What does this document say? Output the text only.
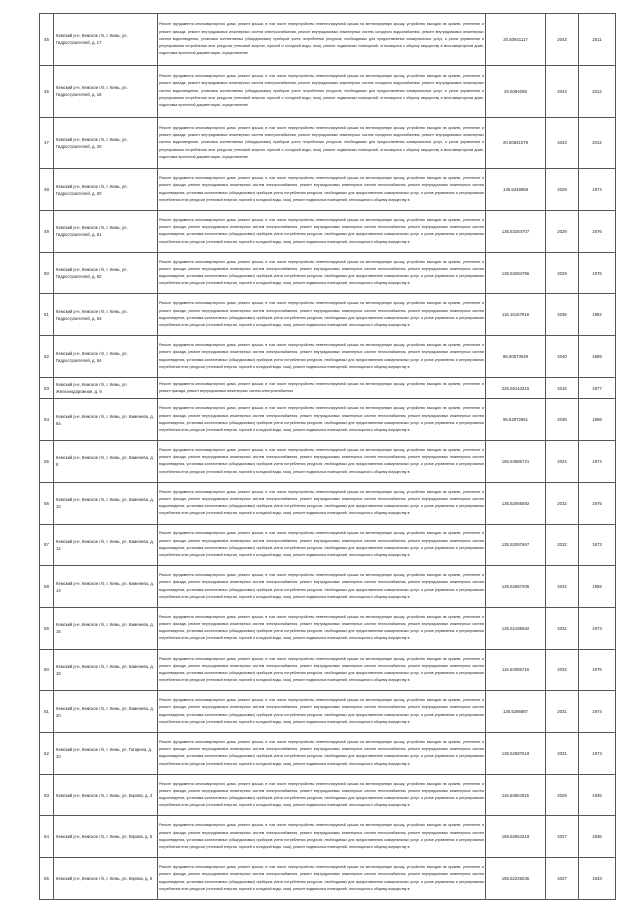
45	Кемский р-н, Кемское г/п, г. Кемь, ул. Гидростроителей, д. 17	Ремонт фундамента многоквартирного дома, ремонт крыши, в том числе переустройство невентилируемой крыши на вентилируемую крышу, устройство выходов на кровлю, утепление и ремонт фасада, ремонт внутридомовых инженерных систем электроснабжения, ремонт внутридомовых инженерных систем холодного водоснабжения, ремонт внутридомовых инженерных систем водоотведения, установка коллективных (общедомовых) приборов учета потребления ресурсов, необходимых для предоставления коммунальных услуг, и узлов управления и регулирования потребления этих ресурсов (тепловой энергии, горячей и холодной воды, газа), ремонт подвальных помещений, относящихся к общему имуществу в многоквартирном доме, подготовка проектной документации, осуществление	20.50841117	2043	2011
46	Кемский р-н, Кемское г/п, г. Кемь, ул. Гидростроителей, д. 18	Ремонт фундамента многоквартирного дома, ремонт крыши, в том числе переустройство невентилируемой крыши на вентилируемую крышу, устройство выходов на кровлю, утепление и ремонт фасада, ремонт внутридомовых инженерных систем электроснабжения, ремонт внутридомовых инженерных систем холодного водоснабжения, ремонт внутридомовых инженерных систем водоотведения, установка коллективных (общедомовых) приборов учета потребления ресурсов, необходимых для предоставления коммунальных услуг, и узлов управления и регулирования потребления этих ресурсов (тепловой энергии, горячей и холодной воды, газа), ремонт подвальных помещений, относящихся к общему имуществу в многоквартирном доме, подготовка проектной документации, осуществление	20.5084088	2043	2012
47	Кемский р-н, Кемское г/п, г. Кемь, ул. Гидростроителей, д. 20	Ремонт фундамента многоквартирного дома, ремонт крыши, в том числе переустройство невентилируемой крыши на вентилируемую крышу, устройство выходов на кровлю, утепление и ремонт фасада, ремонт внутридомовых инженерных систем электроснабжения, ремонт внутридомовых инженерных систем холодного водоснабжения, ремонт внутридомовых инженерных систем водоотведения, установка коллективных (общедомовых) приборов учета потребления ресурсов, необходимых для предоставления коммунальных услуг, и узлов управления и регулирования потребления этих ресурсов (тепловой энергии, горячей и холодной воды, газа), ремонт подвальных помещений, относящихся к общему имуществу в многоквартирном доме, подготовка проектной документации, осуществление	20.50841079	2043	2012
48	Кемский р-н, Кемское г/п, г. Кемь, ул. Гидростроителей, д. 60	Ремонт фундамента многоквартирного дома, ремонт крыши, в том числе переустройство невентилируемой крыши на вентилируемую крышу, устройство выходов на кровлю, утепление и ремонт фасада, ремонт внутридомовых инженерных систем электроснабжения, ремонт внутридомовых инженерных систем теплоснабжения, ремонт внутридомовых инженерных систем водоотведения, установка коллективных (общедомовых) приборов учета потребления ресурсов, необходимых для предоставления коммунальных услуг, и узлов управления и регулирования потребления этих ресурсов (тепловой энергии, горячей и холодной воды, газа), ремонт подвальных помещений, относящихся к общему имуществу в	135.5349958	2029	1974
49	Кемский р-н, Кемское г/п, г. Кемь, ул. Гидростроителей, д. 61	Ремонт фундамента многоквартирного дома, ремонт крыши, в том числе переустройство невентилируемой крыши на вентилируемую крышу, устройство выходов на кровлю, утепление и ремонт фасада, ремонт внутридомовых инженерных систем электроснабжения, ремонт внутридомовых инженерных систем теплоснабжения, ремонт внутридомовых инженерных систем водоотведения, установка коллективных (общедомовых) приборов учета потребления ресурсов, необходимых для предоставления коммунальных услуг, и узлов управления и регулирования потребления этих ресурсов (тепловой энергии, горячей и холодной воды, газа), ремонт подвальных помещений, относящихся к общему имуществу в	135.53284707	2029	1976
50	Кемский р-н, Кемское г/п, г. Кемь, ул. Гидростроителей, д. 62	Ремонт фундамента многоквартирного дома, ремонт крыши, в том числе переустройство невентилируемой крыши на вентилируемую крышу, устройство выходов на кровлю, утепление и ремонт фасада, ремонт внутридомовых инженерных систем электроснабжения, ремонт внутридомовых инженерных систем теплоснабжения, ремонт внутридомовых инженерных систем водоотведения, установка коллективных (общедомовых) приборов учета потребления ресурсов, необходимых для предоставления коммунальных услуг, и узлов управления и регулирования потребления этих ресурсов (тепловой энергии, горячей и холодной воды, газа), ремонт подвальных помещений, относящихся к общему имуществу в	135.53284796	2029	1976
51	Кемский р-н, Кемское г/п, г. Кемь, ул. Гидростроителей, д. 63	Ремонт фундамента многоквартирного дома, ремонт крыши, в том числе переустройство невентилируемой крыши на вентилируемую крышу, устройство выходов на кровлю, утепление и ремонт фасада, ремонт внутридомовых инженерных систем электроснабжения, ремонт внутридомовых инженерных систем теплоснабжения, ремонт внутридомовых инженерных систем водоотведения, установка коллективных (общедомовых) приборов учета потребления ресурсов, необходимых для предоставления коммунальных услуг, и узлов управления и регулирования потребления этих ресурсов (тепловой энергии, горячей и холодной воды, газа), ремонт подвальных помещений, относящихся к общему имуществу в	115.16167918	2035	1982
52	Кемский р-н, Кемское г/п, г. Кемь, ул. Гидростроителей, д. 64	Ремонт фундамента многоквартирного дома, ремонт крыши, в том числе переустройство невентилируемой крыши на вентилируемую крышу, устройство выходов на кровлю, утепление и ремонт фасада, ремонт внутридомовых инженерных систем электроснабжения, ремонт внутридомовых инженерных систем теплоснабжения, ремонт внутридомовых инженерных систем водоотведения, установка коллективных (общедомовых) приборов учета потребления ресурсов, необходимых для предоставления коммунальных услуг, и узлов управления и регулирования потребления этих ресурсов (тепловой энергии, горячей и холодной воды, газа), ремонт подвальных помещений, относящихся к общему имуществу в	86.60573549	2040	1989
53	Кемский р-н, Кемское г/п, г. Кемь, ул. Железнодорожная, д. 9	Ремонт фундамента многоквартирного дома, ремонт крыши, в том числе переустройство невентилируемой крыши на вентилируемую крышу, устройство выходов на кровлю, утепление и ремонт фасада, ремонт внутридомовых инженерных систем электроснабжения	225.56143315	2016	1977
54	Кемский р-н, Кемское г/п, г. Кемь, ул. Каменева, д. 6а	Ремонт фундамента многоквартирного дома, ремонт крыши, в том числе переустройство невентилируемой крыши на вентилируемую крышу, устройство выходов на кровлю, утепление и ремонт фасада, ремонт внутридомовых инженерных систем электроснабжения, ремонт внутридомовых инженерных систем теплоснабжения, ремонт внутридомовых инженерных систем водоотведения, установка коллективных (общедомовых) приборов учета потребления ресурсов, необходимых для предоставления коммунальных услуг, и узлов управления и регулирования потребления этих ресурсов (тепловой энергии, горячей и холодной воды, газа), ремонт подвальных помещений, относящихся к общему имуществу в	96.52972851	2038	1988
55	Кемский р-н, Кемское г/п, г. Кемь, ул. Каменева, д. 8	Ремонт фундамента многоквартирного дома, ремонт крыши, в том числе переустройство невентилируемой крыши на вентилируемую крышу, устройство выходов на кровлю, утепление и ремонт фасада, ремонт внутридомовых инженерных систем электроснабжения, ремонт внутридомовых инженерных систем теплоснабжения, ремонт внутридомовых инженерных систем водоотведения, установка коллективных (общедомовых) приборов учета потребления ресурсов, необходимых для предоставления коммунальных услуг, и узлов управления и регулирования потребления этих ресурсов (тепловой энергии, горячей и холодной воды, газа), ремонт подвальных помещений, относящихся к общему имуществу в	155.64586721	2024	1974
56	Кемский р-н, Кемское г/п, г. Кемь, ул. Каменева, д. 10	Ремонт фундамента многоквартирного дома, ремонт крыши, в том числе переустройство невентилируемой крыши на вентилируемую крышу, устройство выходов на кровлю, утепление и ремонт фасада, ремонт внутридомовых инженерных систем электроснабжения, ремонт внутридомовых инженерных систем теплоснабжения, ремонт внутридомовых инженерных систем водоотведения, установка коллективных (общедомовых) приборов учета потребления ресурсов, необходимых для предоставления коммунальных услуг, и узлов управления и регулирования потребления этих ресурсов (тепловой энергии, горячей и холодной воды, газа), ремонт подвальных помещений, относящихся к общему имуществу в	135.52065592	2032	1975
57	Кемский р-н, Кемское г/п, г. Кемь, ул. Каменева, д. 12	Ремонт фундамента многоквартирного дома, ремонт крыши, в том числе переустройство невентилируемой крыши на вентилируемую крышу, устройство выходов на кровлю, утепление и ремонт фасада, ремонт внутридомовых инженерных систем электроснабжения, ремонт внутридомовых инженерных систем теплоснабжения, ремонт внутридомовых инженерных систем водоотведения, установка коллективных (общедомовых) приборов учета потребления ресурсов, необходимых для предоставления коммунальных услуг, и узлов управления и регулирования потребления этих ресурсов (тепловой энергии, горячей и холодной воды, газа), ремонт подвальных помещений, относящихся к общему имуществу в	135.52087667	2032	1973
58	Кемский р-н, Кемское г/п, г. Кемь, ул. Каменева, д. 14	Ремонт фундамента многоквартирного дома, ремонт крыши, в том числе переустройство невентилируемой крыши на вентилируемую крышу, устройство выходов на кровлю, утепление и ремонт фасада, ремонт внутридомовых инженерных систем электроснабжения, ремонт внутридомовых инженерных систем теплоснабжения, ремонт внутридомовых инженерных систем водоотведения, установка коллективных (общедомовых) приборов учета потребления ресурсов, необходимых для предоставления коммунальных услуг, и узлов управления и регулирования потребления этих ресурсов (тепловой энергии, горячей и холодной воды, газа), ремонт подвальных помещений, относящихся к общему имуществу в	135.52687206	2032	1969
59	Кемский р-н, Кемское г/п, г. Кемь, ул. Каменева, д. 16	Ремонт фундамента многоквартирного дома, ремонт крыши, в том числе переустройство невентилируемой крыши на вентилируемую крышу, устройство выходов на кровлю, утепление и ремонт фасада, ремонт внутридомовых инженерных систем электроснабжения, ремонт внутридомовых инженерных систем теплоснабжения, ремонт внутридомовых инженерных систем водоотведения, установка коллективных (общедомовых) приборов учета потребления ресурсов, необходимых для предоставления коммунальных услуг, и узлов управления и регулирования потребления этих ресурсов (тепловой энергии, горячей и холодной воды, газа), ремонт подвальных помещений, относящихся к общему имуществу в	135.52195592	2031	1973
60	Кемский р-н, Кемское г/п, г. Кемь, ул. Каменева, д. 18	Ремонт фундамента многоквартирного дома, ремонт крыши, в том числе переустройство невентилируемой крыши на вентилируемую крышу, устройство выходов на кровлю, утепление и ремонт фасада, ремонт внутридомовых инженерных систем электроснабжения, ремонт внутридомовых инженерных систем теплоснабжения, ремонт внутридомовых инженерных систем водоотведения, установка коллективных (общедомовых) приборов учета потребления ресурсов, необходимых для предоставления коммунальных услуг, и узлов управления и регулирования потребления этих ресурсов (тепловой энергии, горячей и холодной воды, газа), ремонт подвальных помещений, относящихся к общему имуществу в	115.53085716	2033	1976
61	Кемский р-н, Кемское г/п, г. Кемь, ул. Каменева, д. 20	Ремонт фундамента многоквартирного дома, ремонт крыши, в том числе переустройство невентилируемой крыши на вентилируемую крышу, устройство выходов на кровлю, утепление и ремонт фасада, ремонт внутридомовых инженерных систем электроснабжения, ремонт внутридомовых инженерных систем теплоснабжения, ремонт внутридомовых инженерных систем водоотведения, установка коллективных (общедомовых) приборов учета потребления ресурсов, необходимых для предоставления коммунальных услуг, и узлов управления и регулирования потребления этих ресурсов (тепловой энергии, горячей и холодной воды, газа), ремонт подвальных помещений, относящихся к общему имуществу в	135.5286887	2031	1974
62	Кемский р-н, Кемское г/п, г. Кемь, ул. Гагарина, д. 10	Ремонт фундамента многоквартирного дома, ремонт крыши, в том числе переустройство невентилируемой крыши на вентилируемую крышу, устройство выходов на кровлю, утепление и ремонт фасада, ремонт внутридомовых инженерных систем электроснабжения, ремонт внутридомовых инженерных систем теплоснабжения, ремонт внутридомовых инженерных систем водоотведения, установка коллективных (общедомовых) приборов учета потребления ресурсов, необходимых для предоставления коммунальных услуг, и узлов управления и регулирования потребления этих ресурсов (тепловой энергии, горячей и холодной воды, газа), ремонт подвальных помещений, относящихся к общему имуществу в	135.52587519	2031	1973
63	Кемский р-н, Кемское г/п, г. Кемь, ул. Кирова, д. 4	Ремонт фундамента многоквартирного дома, ремонт крыши, в том числе переустройство невентилируемой крыши на вентилируемую крышу, устройство выходов на кровлю, утепление и ремонт фасада, ремонт внутридомовых инженерных систем электроснабжения, ремонт внутридомовых инженерных систем теплоснабжения, ремонт внутридомовых инженерных систем водоотведения, установка коллективных (общедомовых) приборов учета потребления ресурсов, необходимых для предоставления коммунальных услуг, и узлов управления и регулирования потребления этих ресурсов (тепловой энергии, горячей и холодной воды, газа), ремонт подвальных помещений, относящихся к общему имуществу в	116.53604015	2028	1935
64	Кемский р-н, Кемское г/п, г. Кемь, ул. Кирова, д. 5	Ремонт фундамента многоквартирного дома, ремонт крыши, в том числе переустройство невентилируемой крыши на вентилируемую крышу, устройство выходов на кровлю, утепление и ремонт фасада, ремонт внутридомовых инженерных систем электроснабжения, ремонт внутридомовых инженерных систем теплоснабжения, ремонт внутридомовых инженерных систем водоотведения, установка коллективных (общедомовых) приборов учета потребления ресурсов, необходимых для предоставления коммунальных услуг, и узлов управления и регулирования потребления этих ресурсов (тепловой энергии, горячей и холодной воды, газа), ремонт подвальных помещений, относящихся к общему имуществу в	155.52564219	2027	1936
65	Кемский р-н, Кемское г/п, г. Кемь, ул. Кирова, д. 6	Ремонт фундамента многоквартирного дома, ремонт крыши, в том числе переустройство невентилируемой крыши на вентилируемую крышу, устройство выходов на кровлю, утепление и ремонт фасада, ремонт внутридомовых инженерных систем электроснабжения, ремонт внутридомовых инженерных систем теплоснабжения, ремонт внутридомовых инженерных систем водоотведения, установка коллективных (общедомовых) приборов учета потребления ресурсов, необходимых для предоставления коммунальных услуг, и узлов управления и регулирования потребления этих ресурсов (тепловой энергии, горячей и холодной воды, газа), ремонт подвальных помещений, относящихся к общему имуществу в	155.52226035	2027	1933
